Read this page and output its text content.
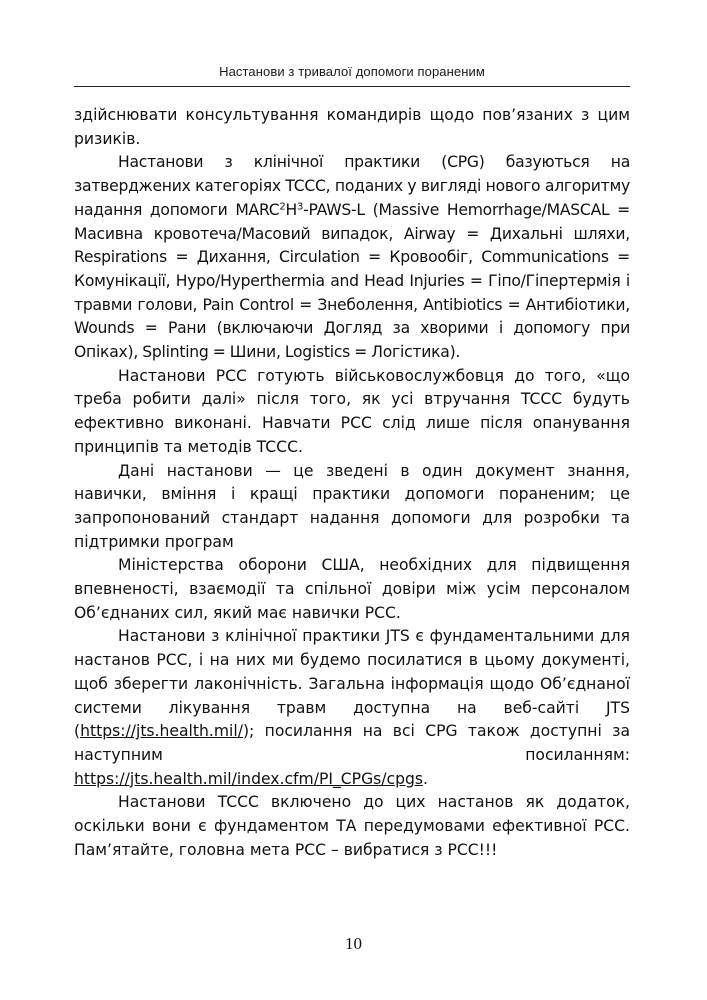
Настанови з тривалої допомоги пораненим

здійснювати консультування командирів щодо пов’язаних з цим ризиків.

Настанови з клінічної практики (CPG) базуються на затверджених категоріях TCCC, поданих у вигляді нового алгоритму надання допомоги $MARC^2H^3-PAWS-L$ (Massive Hemorrhage/MASCAL = Масивна кровотеча/Масовий випадок, Airway = Дихальні шляхи, Respirations = Дихання, Circulation = Кровообіг, Communications = Комунікації, Hypo/Hyperthermia and Head Injuries = Гіпо/Гіпертермія і травми голови, Pain Control = Знеболення, Antibiotics = Антибіотики, Wounds = Рани (включаючи Догляд за хворими і допомогу при Опіках), Splinting = Шини, Logistics = Логістика).

Настанови PCC готують військовослужбовця до того, «що треба робити далі» після того, як усі втручання TCCC будуть ефективно виконані. Навчати PCC слід лише після опанування принципів та методів TCCC.

Дані настанови — це зведені в один документ знання, навички, вміння і кращі практики допомоги пораненим; це запропонований стандарт надання допомоги для розробки та підтримки програм

Міністерства оборони США, необхідних для підвищення впевненості, взаємодії та спільної довіри між усім персоналом Об’єднаних сил, який має навички PCC.

Настанови з клінічної практики JTS є фундаментальними для настанов PCC, і на них ми будемо посилатися в цьому документі, щоб зберегти лаконічність. Загальна інформація щодо Об’єднаної системи лікування травм доступна на веб-сайті JTS (https://jts.health.mil/); посилання на всі CPG також доступні за наступним посиланням: https://jts.health.mil/index.cfm/PI_CPGs/cpgs.

Настанови TCCC включено до цих настанов як додаток, оскільки вони є фундаментом ТА передумовами ефективної PCC. Пам’ятайте, головна мета PCC – вибратися з PCC!!!

10
